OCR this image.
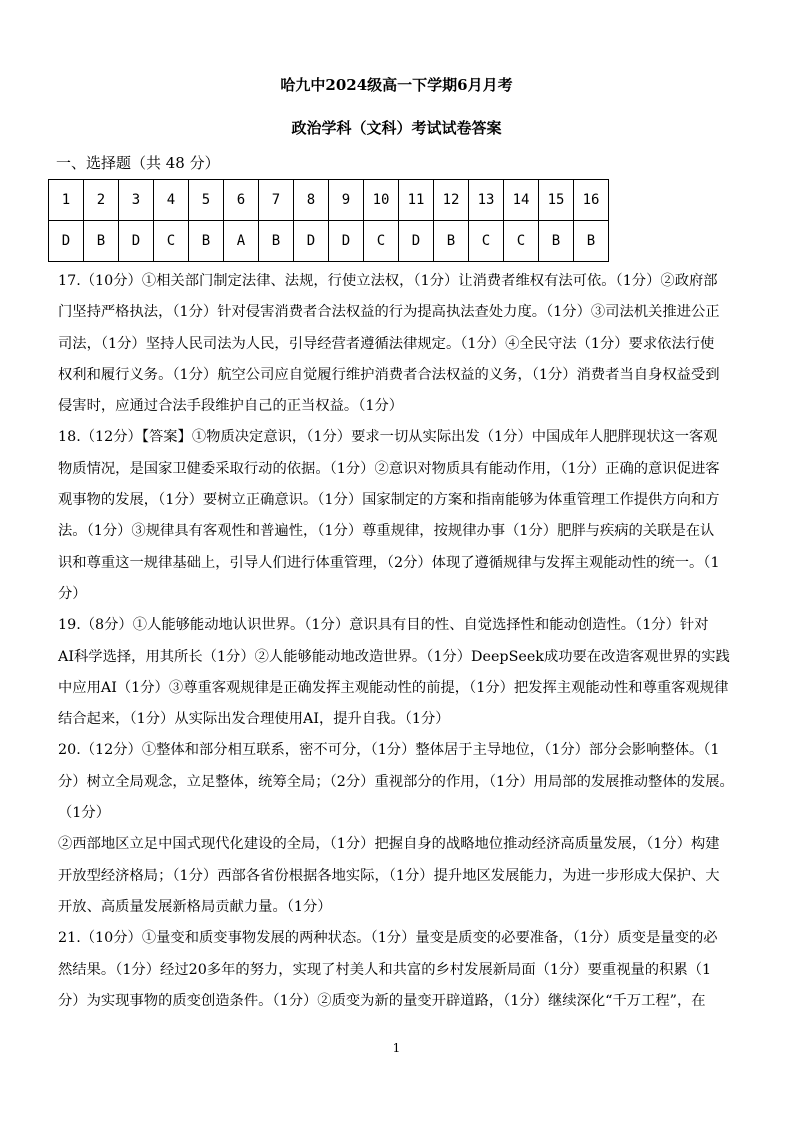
哈九中2024级高一下学期6月月考
政治学科（文科）考试试卷答案
一、选择题（共 48 分）
1	2	3	4	5	6	7	8	9	10	11	12	13	14	15	16
D	B	D	C	B	A	B	D	D	C	D	B	C	C	B	B

17.（10分）①相关部门制定法律、法规，行使立法权，（1分）让消费者维权有法可依。（1分）②政府部

门坚持严格执法，（1分）针对侵害消费者合法权益的行为提高执法查处力度。（1分）③司法机关推进公正

司法，（1分）坚持人民司法为人民，引导经营者遵循法律规定。（1分）④全民守法（1分）要求依法行使

权利和履行义务。（1分）航空公司应自觉履行维护消费者合法权益的义务，（1分）消费者当自身权益受到

侵害时，应通过合法手段维护自己的正当权益。（1分）

18.（12分）【答案】①物质决定意识，（1分）要求一切从实际出发（1分）中国成年人肥胖现状这一客观

物质情况，是国家卫健委采取行动的依据。（1分）②意识对物质具有能动作用，（1分）正确的意识促进客

观事物的发展，（1分）要树立正确意识。（1分）国家制定的方案和指南能够为体重管理工作提供方向和方

法。（1分）③规律具有客观性和普遍性，（1分）尊重规律，按规律办事（1分）肥胖与疾病的关联是在认

识和尊重这一规律基础上，引导人们进行体重管理，（2分）体现了遵循规律与发挥主观能动性的统一。（1

分）

19.（8分）①人能够能动地认识世界。（1分）意识具有目的性、自觉选择性和能动创造性。（1分）针对

AI科学选择，用其所长（1分）②人能够能动地改造世界。（1分）DeepSeek成功要在改造客观世界的实践

中应用AI（1分）③尊重客观规律是正确发挥主观能动性的前提，（1分）把发挥主观能动性和尊重客观规律

结合起来，（1分）从实际出发合理使用AI，提升自我。（1分）

20.（12分）①整体和部分相互联系，密不可分，（1分）整体居于主导地位，（1分）部分会影响整体。（1

分）树立全局观念，立足整体，统筹全局；（2分）重视部分的作用，（1分）用局部的发展推动整体的发展。

（1分）

②西部地区立足中国式现代化建设的全局，（1分）把握自身的战略地位推动经济高质量发展，（1分）构建

开放型经济格局；（1分）西部各省份根据各地实际，（1分）提升地区发展能力，为进一步形成大保护、大

开放、高质量发展新格局贡献力量。（1分）

21.（10分）①量变和质变事物发展的两种状态。（1分）量变是质变的必要准备，（1分）质变是量变的必

然结果。（1分）经过20多年的努力，实现了村美人和共富的乡村发展新局面（1分）要重视量的积累（1

分）为实现事物的质变创造条件。（1分）②质变为新的量变开辟道路，（1分）继续深化“千万工程”，在

1
